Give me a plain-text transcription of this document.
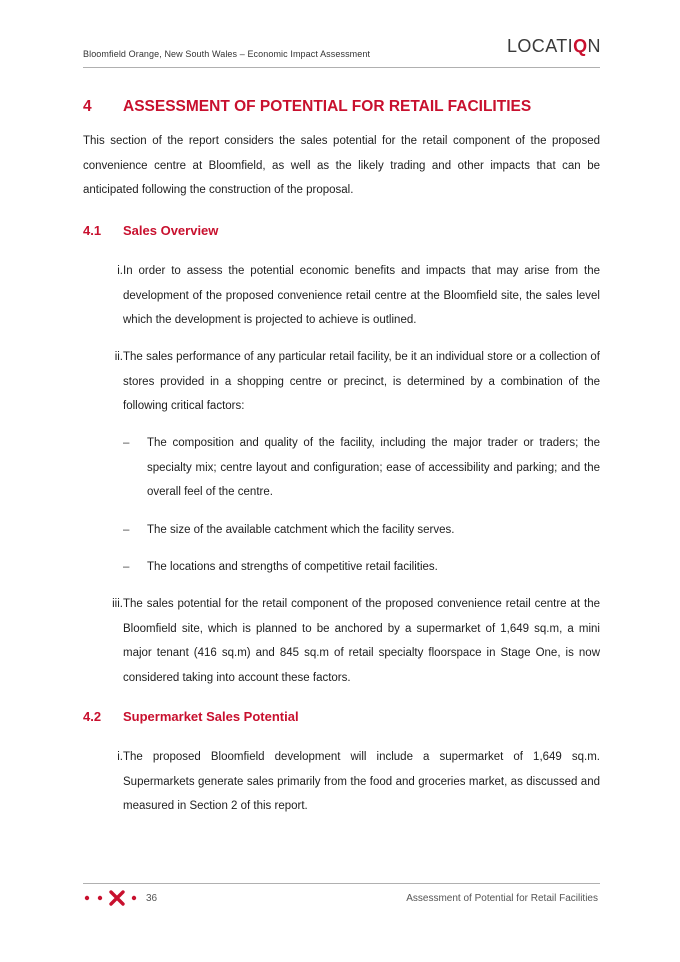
Bloomfield Orange, New South Wales – Economic Impact Assessment	LOCATIQN
4 ASSESSMENT OF POTENTIAL FOR RETAIL FACILITIES

This section of the report considers the sales potential for the retail component of the proposed convenience centre at Bloomfield, as well as the likely trading and other impacts that can be anticipated following the construction of the proposal.

4.1 Sales Overview
i. In order to assess the potential economic benefits and impacts that may arise from the development of the proposed convenience retail centre at the Bloomfield site, the sales level which the development is projected to achieve is outlined.

ii. The sales performance of any particular retail facility, be it an individual store or a collection of stores provided in a shopping centre or precinct, is determined by a combination of the following critical factors:

–	The composition and quality of the facility, including the major trader or traders; the specialty mix; centre layout and configuration; ease of accessibility and parking; and the overall feel of the centre.

–	The size of the available catchment which the facility serves.

–	The locations and strengths of competitive retail facilities.

iii. The sales potential for the retail component of the proposed convenience retail centre at the Bloomfield site, which is planned to be anchored by a supermarket of 1,649 sq.m, a mini major tenant (416 sq.m) and 845 sq.m of retail specialty floorspace in Stage One, is now considered taking into account these factors.

4.2 Supermarket Sales Potential
i. The proposed Bloomfield development will include a supermarket of 1,649 sq.m. Supermarkets generate sales primarily from the food and groceries market, as discussed and measured in Section 2 of this report.

36	Assessment of Potential for Retail Facilities
